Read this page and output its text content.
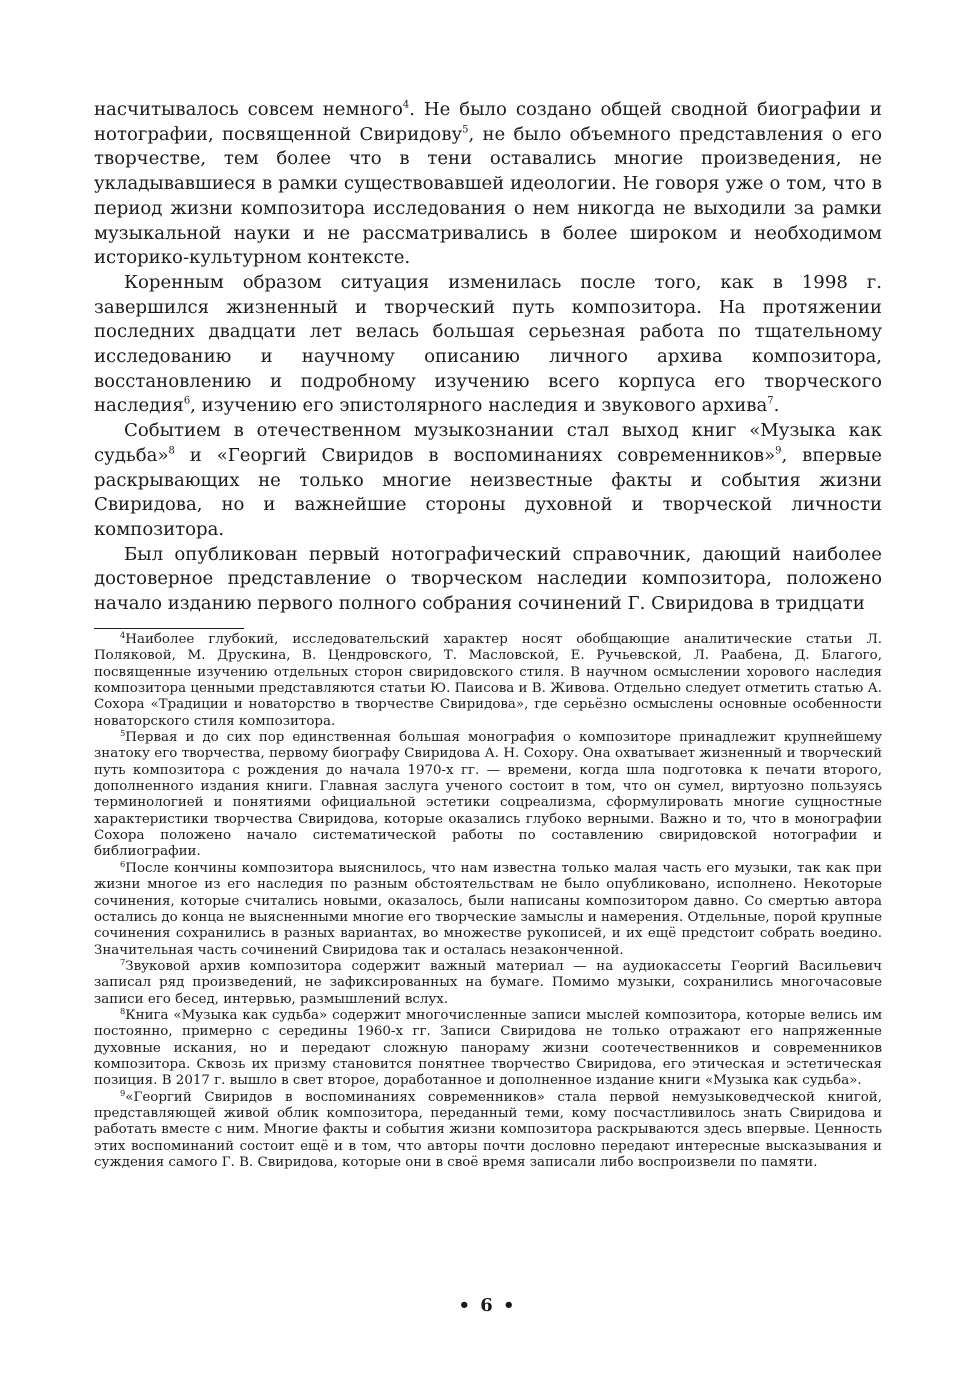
насчитывалось совсем немного$^4$. Не было создано общей сводной биографии и нотографии, посвященной Свиридову$^5$, не было объемного представления о его творчестве, тем более что в тени оставались многие произведения, не укладывавшиеся в рамки существовавшей идеологии. Не говоря уже о том, что в период жизни композитора исследования о нем никогда не выходили за рамки музыкальной науки и не рассматривались в более широком и необходимом историко-культурном контексте.

Коренным образом ситуация изменилась после того, как в 1998 г. завершился жизненный и творческий путь композитора. На протяжении последних двадцати лет велась большая серьезная работа по тщательному исследованию и научному описанию личного архива композитора, восстановлению и подробному изучению всего корпуса его творческого наследия$^6$, изучению его эпистолярного наследия и звукового архива$^7$.

Событием в отечественном музыкознании стал выход книг «Музыка как судьба»$^8$ и «Георгий Свиридов в воспоминаниях современников»$^9$, впервые раскрывающих не только многие неизвестные факты и события жизни Свиридова, но и важнейшие стороны духовной и творческой личности композитора.

Был опубликован первый нотографический справочник, дающий наиболее достоверное представление о творческом наследии композитора, положено начало изданию первого полного собрания сочинений Г. Свиридова в тридцати

$^4$Наиболее глубокий, исследовательский характер носят обобщающие аналитические статьи Л. Поляковой, М. Друскина, В. Цендровского, Т. Масловской, Е. Ручьевской, Л. Раабена, Д. Благого, посвященные изучению отдельных сторон свиридовского стиля. В научном осмыслении хорового наследия композитора ценными представляются статьи Ю. Паисова и В. Живова. Отдельно следует отметить статью А. Сохора «Традиции и новаторство в творчестве Свиридова», где серьёзно осмыслены основные особенности новаторского стиля композитора.

$^5$Первая и до сих пор единственная большая монография о композиторе принадлежит крупнейшему знатоку его творчества, первому биографу Свиридова А. Н. Сохору. Она охватывает жизненный и творческий путь композитора с рождения до начала 1970-х гг. — времени, когда шла подготовка к печати второго, дополненного издания книги. Главная заслуга ученого состоит в том, что он сумел, виртуозно пользуясь терминологией и понятиями официальной эстетики соцреализма, сформулировать многие сущностные характеристики творчества Свиридова, которые оказались глубоко верными. Важно и то, что в монографии Сохора положено начало систематической работы по составлению свиридовской нотографии и библиографии.

$^6$После кончины композитора выяснилось, что нам известна только малая часть его музыки, так как при жизни многое из его наследия по разным обстоятельствам не было опубликовано, исполнено. Некоторые сочинения, которые считались новыми, оказалось, были написаны композитором давно. Со смертью автора остались до конца не выясненными многие его творческие замыслы и намерения. Отдельные, порой крупные сочинения сохранились в разных вариантах, во множестве рукописей, и их ещё предстоит собрать воедино. Значительная часть сочинений Свиридова так и осталась незаконченной.

$^7$Звуковой архив композитора содержит важный материал — на аудиокассеты Георгий Васильевич записал ряд произведений, не зафиксированных на бумаге. Помимо музыки, сохранились многочасовые записи его бесед, интервью, размышлений вслух.

$^8$Книга «Музыка как судьба» содержит многочисленные записи мыслей композитора, которые велись им постоянно, примерно с середины 1960-х гг. Записи Свиридова не только отражают его напряженные духовные искания, но и передают сложную панораму жизни соотечественников и современников композитора. Сквозь их призму становится понятнее творчество Свиридова, его этическая и эстетическая позиция. В 2017 г. вышло в свет второе, доработанное и дополненное издание книги «Музыка как судьба».

$^9$«Георгий Свиридов в воспоминаниях современников» стала первой немузыковедческой книгой, представляющей живой облик композитора, переданный теми, кому посчастливилось знать Свиридова и работать вместе с ним. Многие факты и события жизни композитора раскрываются здесь впервые. Ценность этих воспоминаний состоит ещё и в том, что авторы почти дословно передают интересные высказывания и суждения самого Г. В. Свиридова, которые они в своё время записали либо воспроизвели по памяти.

• 6 •
